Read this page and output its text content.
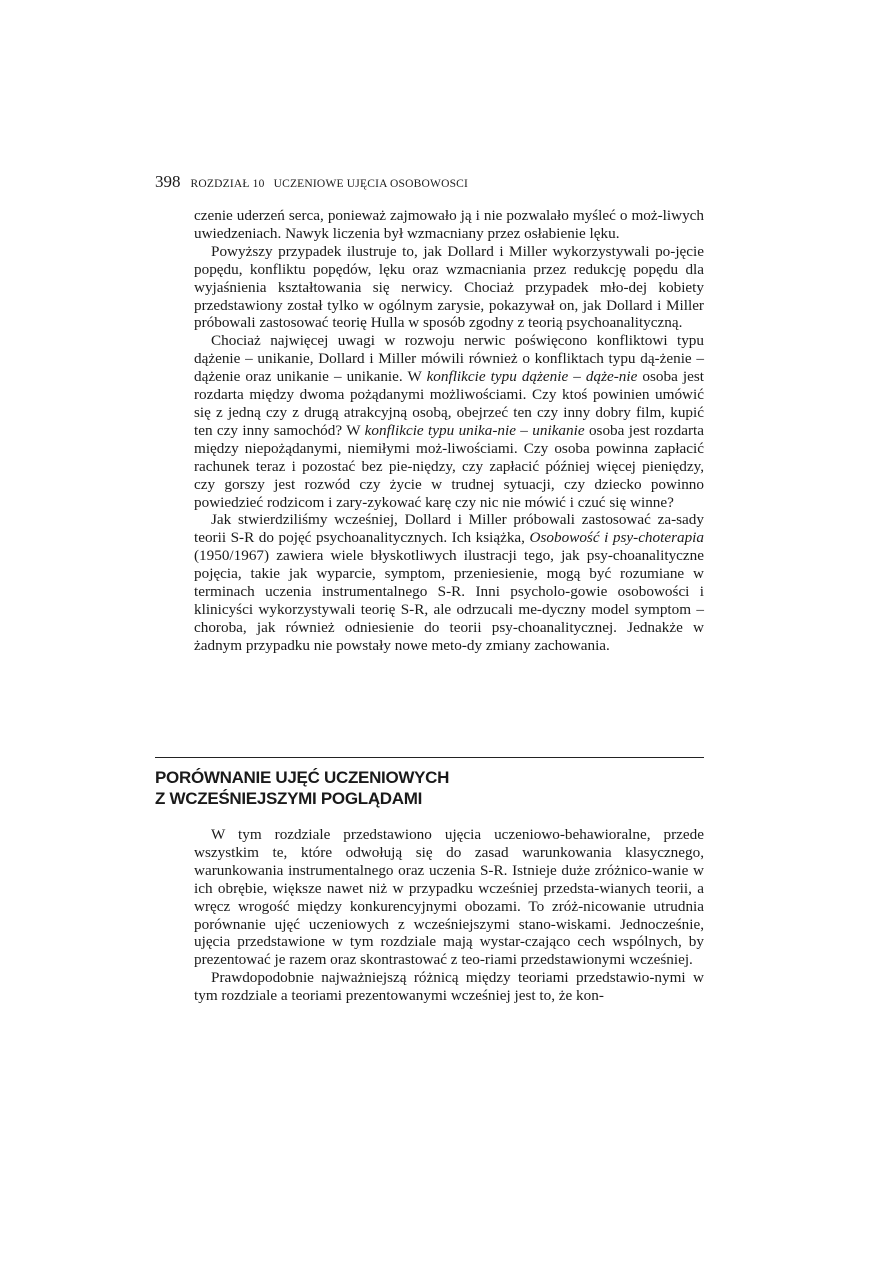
398 ROZDZIAŁ 10 UCZENIOWE UJĘCIA OSOBOWOSCI

czenie uderzeń serca, ponieważ zajmowało ją i nie pozwalało myśleć o moż-liwych uwiedzeniach. Nawyk liczenia był wzmacniany przez osłabienie lęku.

Powyższy przypadek ilustruje to, jak Dollard i Miller wykorzystywali po-jęcie popędu, konfliktu popędów, lęku oraz wzmacniania przez redukcję popędu dla wyjaśnienia kształtowania się nerwicy. Chociaż przypadek mło-dej kobiety przedstawiony został tylko w ogólnym zarysie, pokazywał on, jak Dollard i Miller próbowali zastosować teorię Hulla w sposób zgodny z teorią psychoanalityczną.

Chociaż najwięcej uwagi w rozwoju nerwic poświęcono konfliktowi typu dążenie – unikanie, Dollard i Miller mówili również o konfliktach typu dą-żenie – dążenie oraz unikanie – unikanie. W konflikcie typu dążenie – dąże-nie osoba jest rozdarta między dwoma pożądanymi możliwościami. Czy ktoś powinien umówić się z jedną czy z drugą atrakcyjną osobą, obejrzeć ten czy inny dobry film, kupić ten czy inny samochód? W konflikcie typu unika-nie – unikanie osoba jest rozdarta między niepożądanymi, niemiłymi moż-liwościami. Czy osoba powinna zapłacić rachunek teraz i pozostać bez pie-niędzy, czy zapłacić później więcej pieniędzy, czy gorszy jest rozwód czy życie w trudnej sytuacji, czy dziecko powinno powiedzieć rodzicom i zary-zykować karę czy nic nie mówić i czuć się winne?

Jak stwierdziliśmy wcześniej, Dollard i Miller próbowali zastosować za-sady teorii S-R do pojęć psychoanalitycznych. Ich książka, Osobowość i psy-choterapia (1950/1967) zawiera wiele błyskotliwych ilustracji tego, jak psy-choanalityczne pojęcia, takie jak wyparcie, symptom, przeniesienie, mogą być rozumiane w terminach uczenia instrumentalnego S-R. Inni psycholo-gowie osobowości i klinicyści wykorzystywali teorię S-R, ale odrzucali me-dyczny model symptom – choroba, jak również odniesienie do teorii psy-choanalitycznej. Jednakże w żadnym przypadku nie powstały nowe meto-dy zmiany zachowania.

PORÓWNANIE UJĘĆ UCZENIOWYCH
Z WCZEŚNIEJSZYMI POGLĄDAMI

W tym rozdziale przedstawiono ujęcia uczeniowo-behawioralne, przede wszystkim te, które odwołują się do zasad warunkowania klasycznego, warunkowania instrumentalnego oraz uczenia S-R. Istnieje duże zróżnico-wanie w ich obrębie, większe nawet niż w przypadku wcześniej przedsta-wianych teorii, a wręcz wrogość między konkurencyjnymi obozami. To zróż-nicowanie utrudnia porównanie ujęć uczeniowych z wcześniejszymi stano-wiskami. Jednocześnie, ujęcia przedstawione w tym rozdziale mają wystar-czająco cech wspólnych, by prezentować je razem oraz skontrastować z teo-riami przedstawionymi wcześniej.

Prawdopodobnie najważniejszą różnicą między teoriami przedstawio-nymi w tym rozdziale a teoriami prezentowanymi wcześniej jest to, że kon-
